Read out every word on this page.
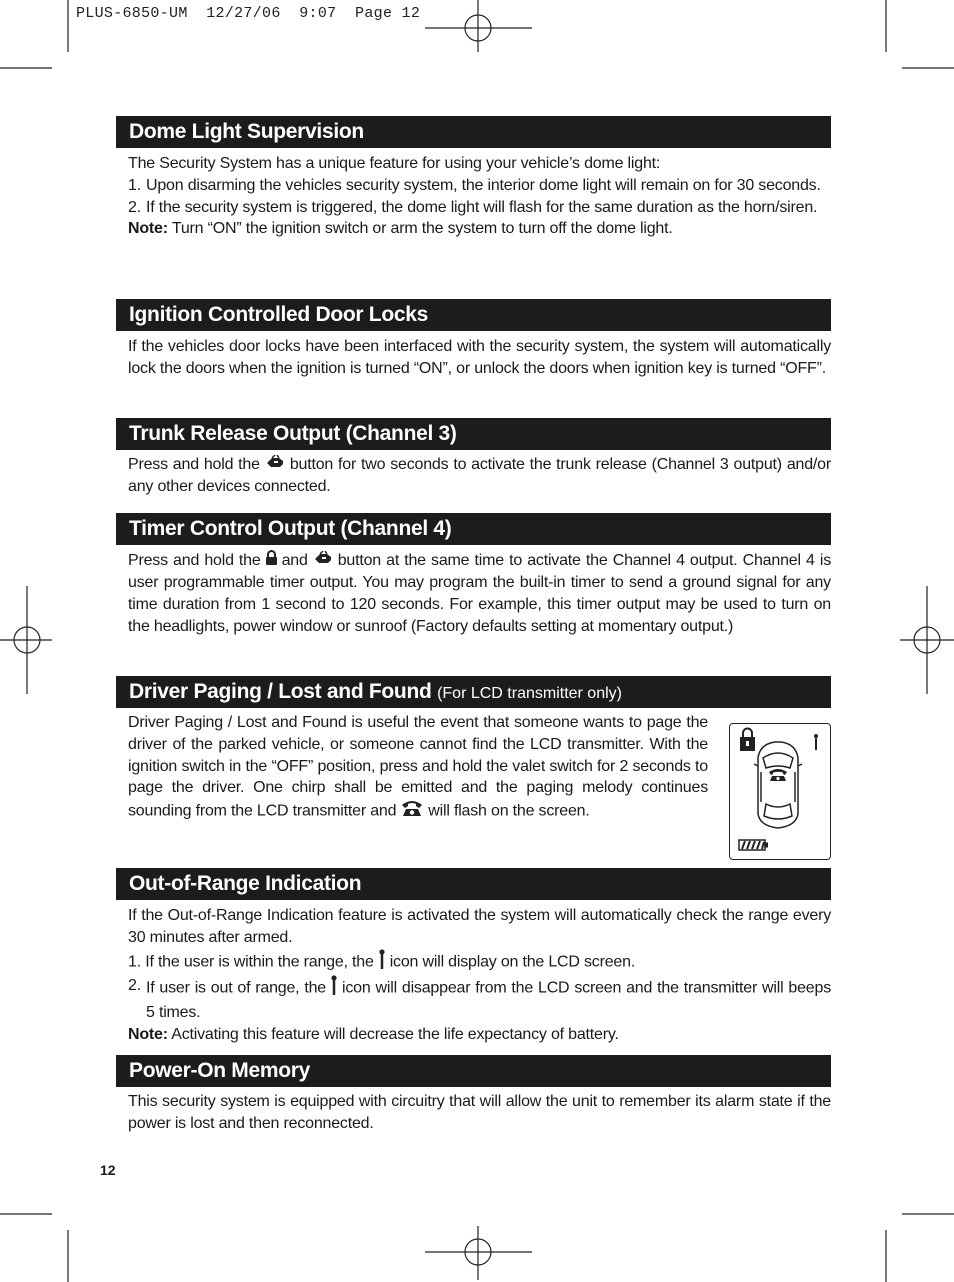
PLUS-6850-UM  12/27/06  9:07  Page 12
Dome Light Supervision
The Security System has a unique feature for using your vehicle’s dome light:
1. Upon disarming the vehicles security system, the interior dome light will remain on for 30 seconds.
2. If the security system is triggered, the dome light will flash for the same duration as the horn/siren.
Note: Turn “ON” the ignition switch or arm the system to turn off the dome light.
Ignition Controlled Door Locks
If the vehicles door locks have been interfaced with the security system, the system will automatically lock the doors when the ignition is turned “ON”, or unlock the doors when ignition key is turned “OFF”.
Trunk Release Output (Channel 3)
Press and hold the button for two seconds to activate the trunk release (Channel 3 output) and/or any other devices connected.
Timer Control Output (Channel 4)
Press and hold the and button at the same time to activate the Channel 4 output. Channel 4 is user programmable timer output. You may program the built-in timer to send a ground signal for any time duration from 1 second to 120 seconds. For example, this timer output may be used to turn on the headlights, power window or sunroof (Factory defaults setting at momentary output.)
Driver Paging / Lost and Found (For LCD transmitter only)
Driver Paging / Lost and Found is useful the event that someone wants to page the driver of the parked vehicle, or someone cannot find the LCD transmitter. With the ignition switch in the “OFF” position, press and hold the valet switch for 2 seconds to page the driver. One chirp shall be emitted and the paging melody continues sounding from the LCD transmitter and will flash on the screen.
Out-of-Range Indication
If the Out-of-Range Indication feature is activated the system will automatically check the range every 30 minutes after armed.
1. If the user is within the range, the icon will display on the LCD screen.
2. If user is out of range, the icon will disappear from the LCD screen and the transmitter will beeps 5 times.
Note: Activating this feature will decrease the life expectancy of battery.
Power-On Memory
This security system is equipped with circuitry that will allow the unit to remember its alarm state if the power is lost and then reconnected.
12
